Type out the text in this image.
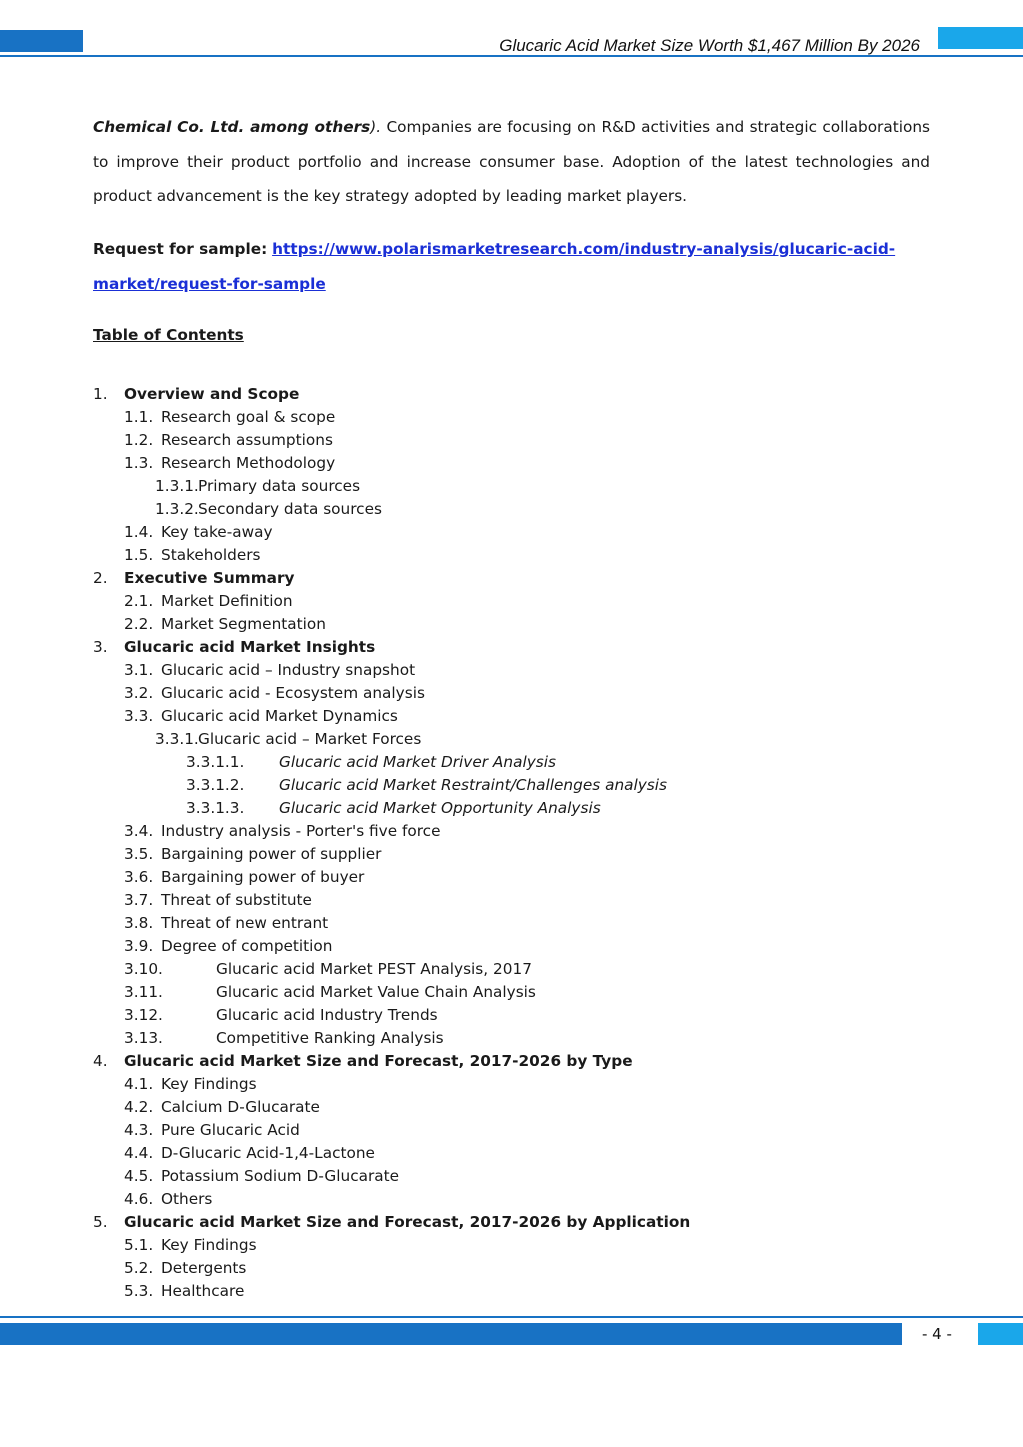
Glucaric Acid Market Size Worth $1,467 Million By 2026
Chemical Co. Ltd. among others). Companies are focusing on R&D activities and strategic collaborations to improve their product portfolio and increase consumer base. Adoption of the latest technologies and product advancement is the key strategy adopted by leading market players.
Request for sample: https://www.polarismarketresearch.com/industry-analysis/glucaric-acid-market/request-for-sample
Table of Contents
1. Overview and Scope
1.1. Research goal & scope
1.2. Research assumptions
1.3. Research Methodology
1.3.1. Primary data sources
1.3.2. Secondary data sources
1.4. Key take-away
1.5. Stakeholders
2. Executive Summary
2.1. Market Definition
2.2. Market Segmentation
3. Glucaric acid Market Insights
3.1. Glucaric acid – Industry snapshot
3.2. Glucaric acid - Ecosystem analysis
3.3. Glucaric acid Market Dynamics
3.3.1. Glucaric acid – Market Forces
3.3.1.1. Glucaric acid Market Driver Analysis
3.3.1.2. Glucaric acid Market Restraint/Challenges analysis
3.3.1.3. Glucaric acid Market Opportunity Analysis
3.4. Industry analysis - Porter's five force
3.5. Bargaining power of supplier
3.6. Bargaining power of buyer
3.7. Threat of substitute
3.8. Threat of new entrant
3.9. Degree of competition
3.10.	Glucaric acid Market PEST Analysis, 2017
3.11.	Glucaric acid Market Value Chain Analysis
3.12.	Glucaric acid Industry Trends
3.13.	Competitive Ranking Analysis
4. Glucaric acid Market Size and Forecast, 2017-2026 by Type
4.1. Key Findings
4.2. Calcium D-Glucarate
4.3. Pure Glucaric Acid
4.4. D-Glucaric Acid-1,4-Lactone
4.5. Potassium Sodium D-Glucarate
4.6. Others
5. Glucaric acid Market Size and Forecast, 2017-2026 by Application
5.1. Key Findings
5.2. Detergents
5.3. Healthcare
- 4 -
